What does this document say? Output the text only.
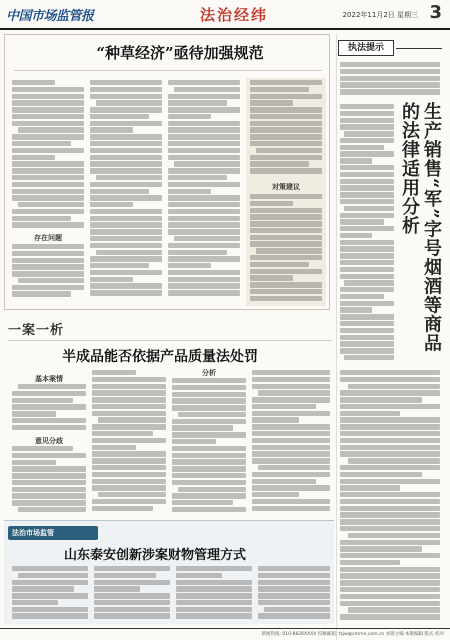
中国市场监管报	法治经纬	2022年11月2日 星期三 3
“种草经济”亟待加强规范
存在问题
对策建议
执法提示
生产销售“军”字号烟酒等商品的法律适用分析
一案一析
半成品能否依据产品质量法处罚
基本案情
意见分歧
分析
法治市场监管
山东泰安创新涉案财物管理方式
新闻热线: 010-8826XXXX 投稿邮箱: fzjw@cmrnn.com.cn 本版主编 本版编辑 版式 校对
